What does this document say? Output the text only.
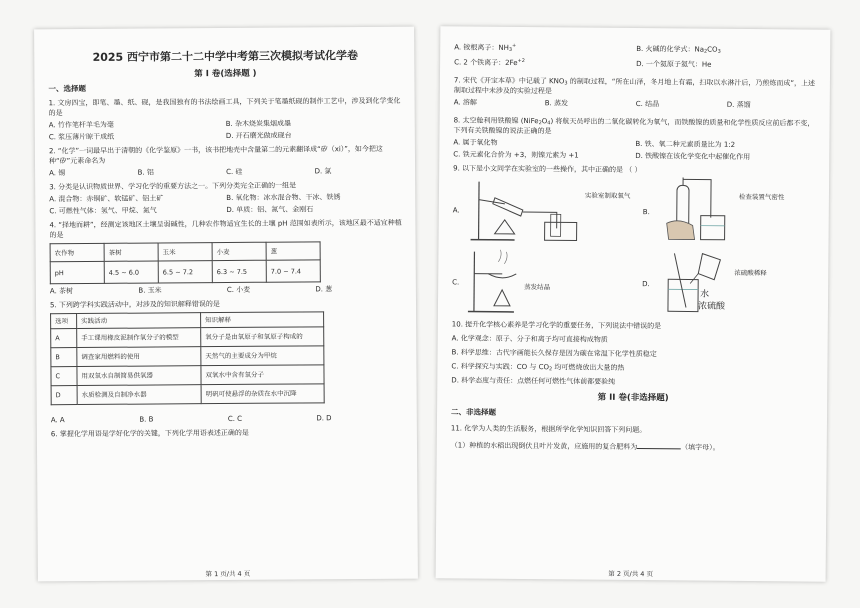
2025 西宁市第二十二中学中考第三次模拟考试化学卷
第 I 卷(选择题 )
一、选择题
1. 文房四宝，即笔、墨、纸、砚，是我国独有的书法绘画工具，下列关于笔墨纸砚的制作工艺中，涉及到化学变化的是
A. 竹作笔杆羊毛为毫	B. 杂木烧炭集烟成墨
C. 浆压薄片晾干成纸	D. 开石磨光做成砚台
2. “化学”一词最早出于清朝的《化学鉴原》一书，该书把地壳中含量第二的元素翻译成“矽（xi）”，如今把这种“矽”元素命名为
A. 锡	B. 铝	C. 硅	D. 氯
3. 分类是认识物质世界、学习化学的重要方法之一。下列分类完全正确的一组是
A. 混合物：赤铜矿、软锰矿、铝土矿	B. 氧化物：冰水混合物、干冰、铁锈
C. 可燃性气体：氢气、甲烷、氮气	D. 单质：铝、氮气、金刚石
4. “择地而耕”，经测定该地区土壤呈弱碱性，几种农作物适宜生长的土壤 pH 范围如表所示，该地区最不适宜种植的是
农作物	茶树	玉米	小麦	葱
pH	4.5 ~ 6.0	6.5 ~ 7.2	6.3 ~ 7.5	7.0 ~ 7.4
A. 茶树	B. 玉米	C. 小麦	D. 葱
5. 下列跨学科实践活动中，对涉及的知识解释错误的是
选项	实践活动	知识解释
A	手工课用橡皮泥制作氧分子的模型	氧分子是由氧原子和氧原子构成的
B	调查家用燃料的使用	天然气的主要成分为甲烷
C	用双氧水自制简易供氧器	双氧水中含有氧分子
D	水质检测及自制净水器	明矾可使悬浮的杂质在水中沉降
A. A	B. B	C. C	D. D
6. 掌握化学用语是学好化学的关键，下列化学用语表述正确的是
第 1 页/共 4 页
A. 铵根离子：$NH_3^+$	B. 火碱的化学式：$Na_2CO_3$
C. 2 个铁离子：$2Fe^{+2}$	D. 一个氦原子氦气：He
7. 宋代《开宝本草》中记载了 $KNO_3$ 的制取过程，“所在山泽，冬月地上有霜，扫取以水淋汁后，乃煎炼而成”，上述制取过程中未涉及的实验过程是
A. 溶解	B. 蒸发	C. 结晶	D. 蒸馏
8. 太空舱利用铁酸镍 $(NiFe_2O_4)$ 将航天员呼出的二氧化碳转化为氧气，而铁酸镍的质量和化学性质反应前后都不变，下列有关铁酸镍的说法正确的是
A. 属于氧化物	B. 铁、氧二种元素质量比为 1:2
C. 铁元素化合价为 +3，则镍元素为 +1	D. 铁酸镍在该化学变化中起催化作用
9. 以下是小文同学在实验室的一些操作，其中正确的是 （ ）
A.
实验室制取氧气
B.
检查装置气密性
C.
蒸发结晶	D.
浓硫酸稀释
水
浓硫酸
10. 提升化学核心素养是学习化学的重要任务，下列说法中错误的是
A. 化学观念：原子、分子和离子均可直接构成物质
B. 科学思维：古代字画能长久保存是因为碳在常温下化学性质稳定
C. 科学探究与实践：CO 与 $CO_2$ 均可燃烧放出大量的热
D. 科学态度与责任：点燃任何可燃性气体前都要验纯
第 II 卷(非选择题)
二、非选择题
11. 化学为人类的生活服务，根据所学化学知识回答下列问题。
（1）种植的水稻出现倒伏且叶片发黄，应施用的复合肥料为	（填字母）。
第 2 页/共 4 页
